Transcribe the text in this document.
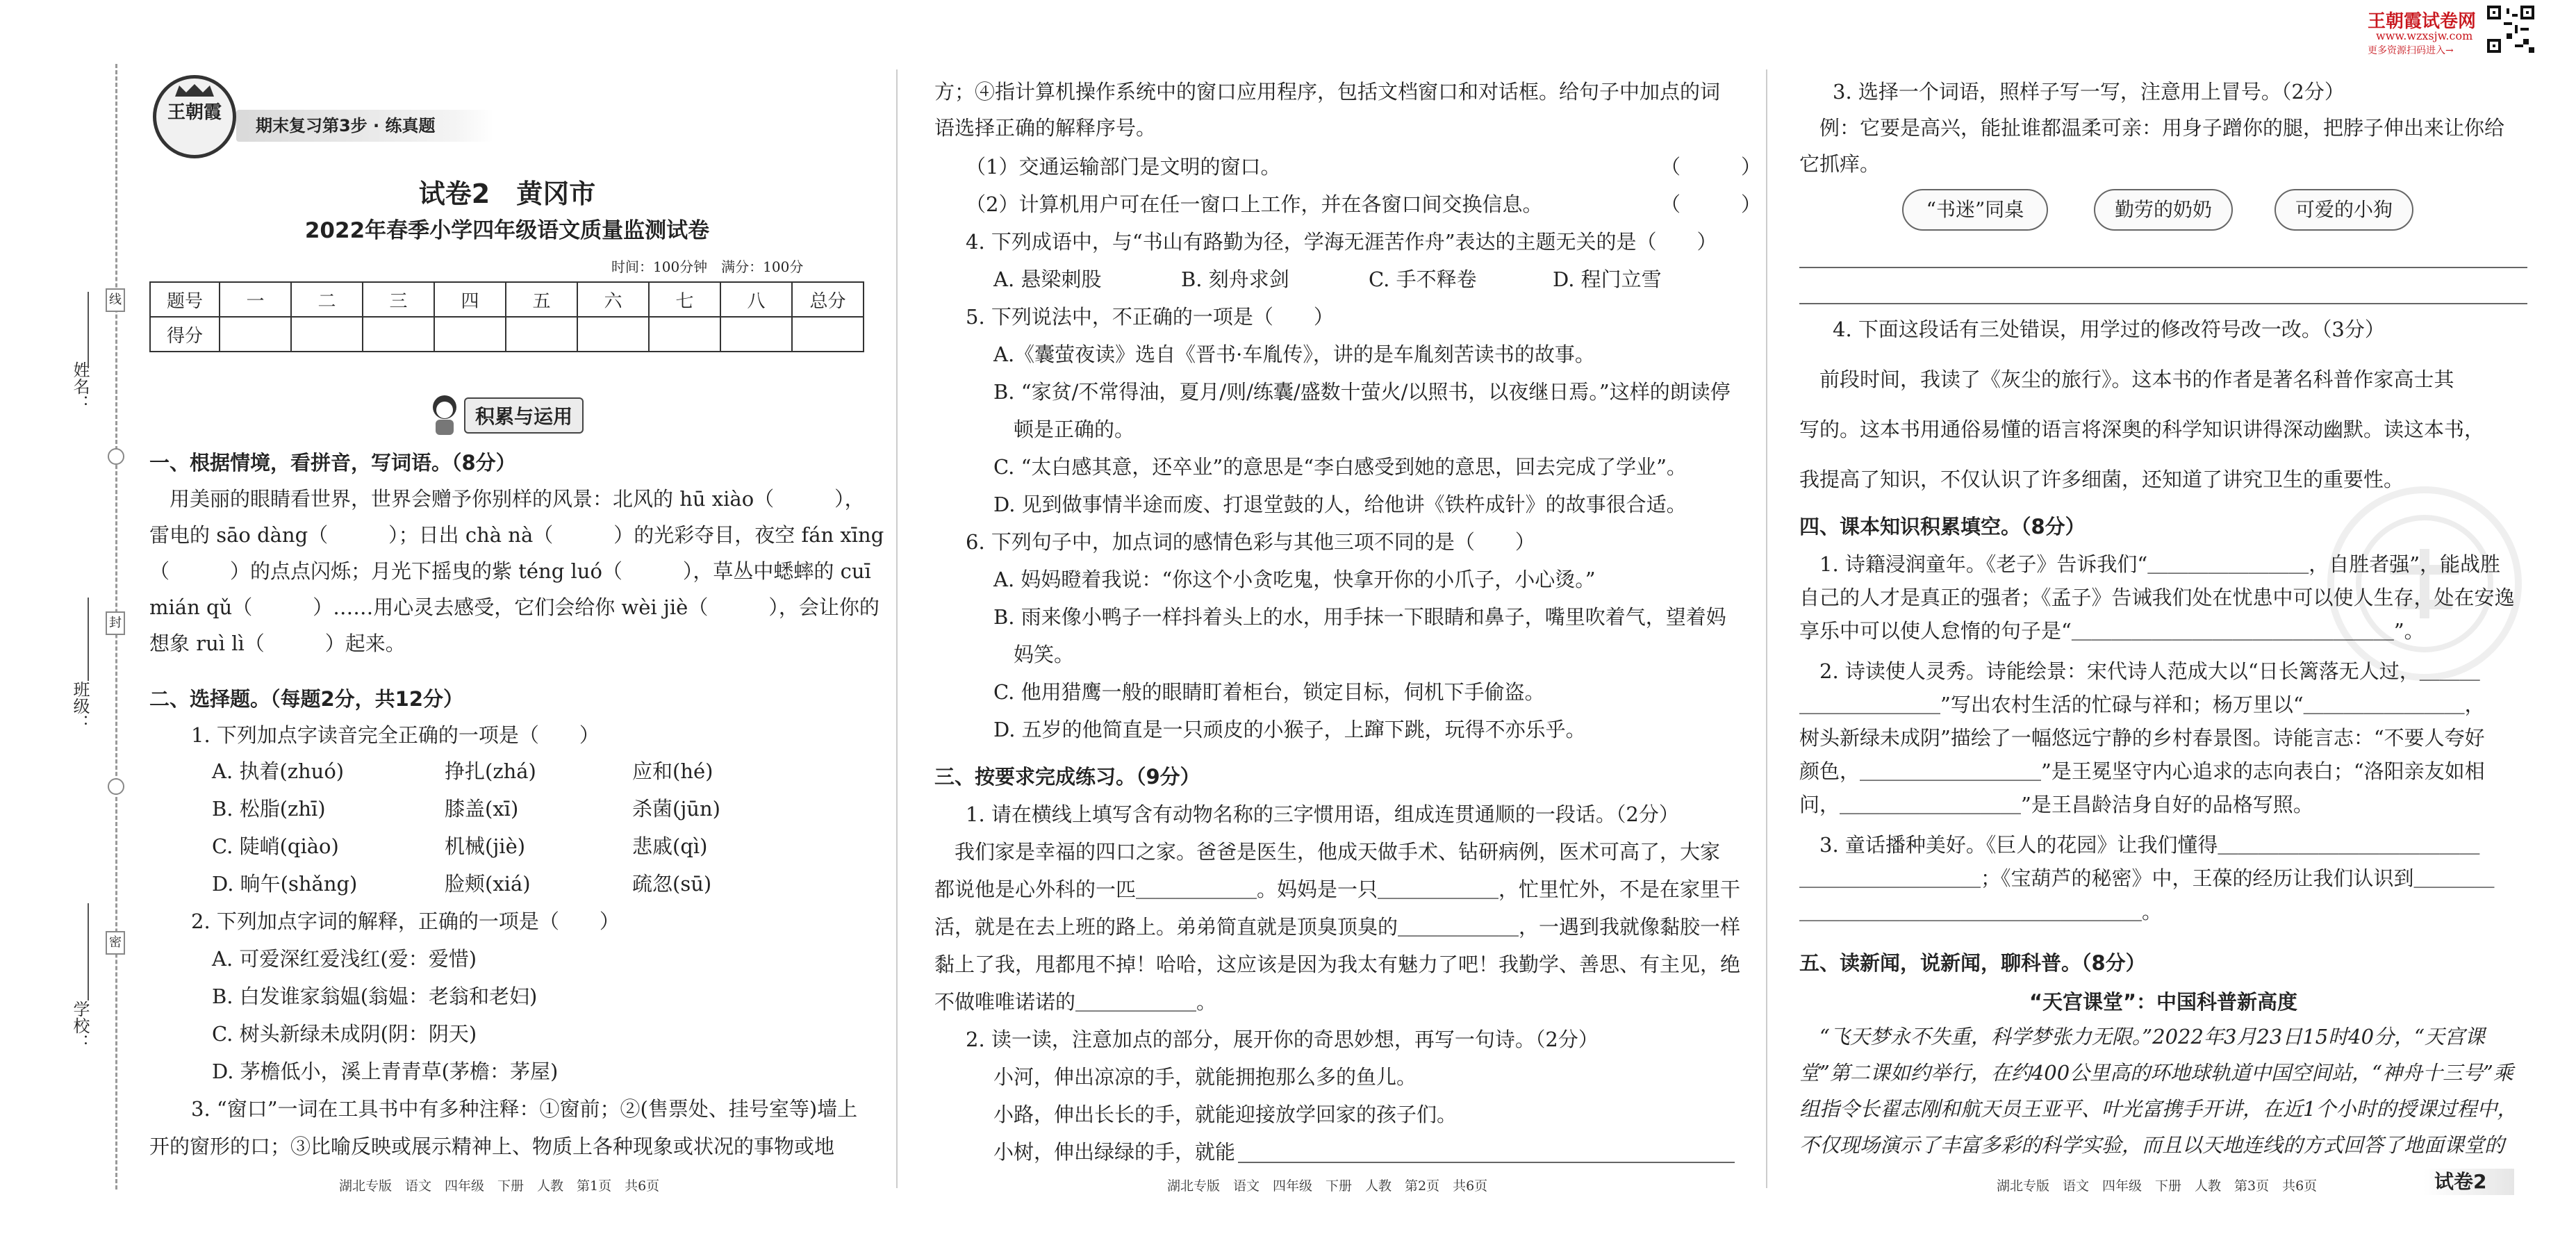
姓名：
班级：
学校：
线
封
密
王朝霞
期末复习第3步 · 练真题
试卷2　黄冈市
2022年春季小学四年级语文质量监测试卷
时间：100分钟　满分：100分
题号	一	二	三	四	五	六	七	八	总分
得分									
积累与运用
一、根据情境，看拼音，写词语。（8分）
　用美丽的眼睛看世界，世界会赠予你别样的风景：北风的 hū xiào（　　　），
雷电的 sāo dàng（　　　）；日出 chà nà（　　　）的光彩夺目，夜空 fán xīng
（　　　）的点点闪烁；月光下摇曳的紫 téng luó（　　　），草丛中蟋蟀的 cuī
mián qǔ（　　　）……用心灵去感受，它们会给你 wèi jiè（　　　），会让你的
想象 ruì lì（　　　）起来。
二、选择题。（每题2分，共12分）
1. 下列加点字读音完全正确的一项是（　　）
A. 执着(zhuó)	挣扎(zhá)	应和(hé)
B. 松脂(zhī)	膝盖(xī)	杀菌(jūn)
C. 陡峭(qiào)	机械(jiè)	悲戚(qì)
D. 晌午(shǎng)	脸颊(xiá)	疏忽(sū)
2. 下列加点字词的解释，正确的一项是（　　）
A. 可爱深红爱浅红(爱：爱惜)
B. 白发谁家翁媪(翁媪：老翁和老妇)
C. 树头新绿未成阴(阴：阴天)
D. 茅檐低小，溪上青青草(茅檐：茅屋)
3. “窗口”一词在工具书中有多种注释：①窗前；②(售票处、挂号室等)墙上
开的窗形的口；③比喻反映或展示精神上、物质上各种现象或状况的事物或地
湖北专版　语文　四年级　下册　人教　第1页　共6页
方；④指计算机操作系统中的窗口应用程序，包括文档窗口和对话框。给句子中加点的词
语选择正确的解释序号。
（1）交通运输部门是文明的窗口。	（　　　）
（2）计算机用户可在任一窗口上工作，并在各窗口间交换信息。	（　　　）
4. 下列成语中，与“书山有路勤为径，学海无涯苦作舟”表达的主题无关的是（　　）
A. 悬梁刺股	B. 刻舟求剑	C. 手不释卷	D. 程门立雪
5. 下列说法中，不正确的一项是（　　）
A.《囊萤夜读》选自《晋书·车胤传》，讲的是车胤刻苦读书的故事。
B. “家贫/不常得油，夏月/则/练囊/盛数十萤火/以照书，以夜继日焉。”这样的朗读停
　顿是正确的。
C. “太白感其意，还卒业”的意思是“李白感受到她的意思，回去完成了学业”。
D. 见到做事情半途而废、打退堂鼓的人，给他讲《铁杵成针》的故事很合适。
6. 下列句子中，加点词的感情色彩与其他三项不同的是（　　）
A. 妈妈瞪着我说：“你这个小贪吃鬼，快拿开你的小爪子，小心烫。”
B. 雨来像小鸭子一样抖着头上的水，用手抹一下眼睛和鼻子，嘴里吹着气，望着妈
　妈笑。
C. 他用猎鹰一般的眼睛盯着柜台，锁定目标，伺机下手偷盗。
D. 五岁的他简直是一只顽皮的小猴子，上蹿下跳，玩得不亦乐乎。
三、按要求完成练习。（9分）
1. 请在横线上填写含有动物名称的三字惯用语，组成连贯通顺的一段话。（2分）
　我们家是幸福的四口之家。爸爸是医生，他成天做手术、钻研病例，医术可高了，大家
都说他是心外科的一匹＿＿＿＿＿＿。妈妈是一只＿＿＿＿＿＿，忙里忙外，不是在家里干
活，就是在去上班的路上。弟弟简直就是顶臭顶臭的＿＿＿＿＿＿，一遇到我就像黏胶一样
黏上了我，甩都甩不掉！哈哈，这应该是因为我太有魅力了吧！我勤学、善思、有主见，绝
不做唯唯诺诺的＿＿＿＿＿＿。
2. 读一读，注意加点的部分，展开你的奇思妙想，再写一句诗。（2分）
小河，伸出凉凉的手，就能拥抱那么多的鱼儿。
小路，伸出长长的手，就能迎接放学回家的孩子们。
小树，伸出绿绿的手，就能
湖北专版　语文　四年级　下册　人教　第2页　共6页
王朝霞试卷网
www.wzxsjw.com
更多资源扫码进入→
3. 选择一个词语，照样子写一写，注意用上冒号。（2分）
　例：它要是高兴，能扯谁都温柔可亲：用身子蹭你的腿，把脖子伸出来让你给
它抓痒。
“书迷”同桌	勤劳的奶奶	可爱的小狗
4. 下面这段话有三处错误，用学过的修改符号改一改。（3分）
　前段时间，我读了《灰尘的旅行》。这本书的作者是著名科普作家高士其
写的。这本书用通俗易懂的语言将深奥的科学知识讲得深动幽默。读这本书，
我提高了知识，不仅认识了许多细菌，还知道了讲究卫生的重要性。
四、课本知识积累填空。（8分）
　1. 诗籍浸润童年。《老子》告诉我们“＿＿＿＿＿＿＿＿，自胜者强”，能战胜
自己的人才是真正的强者；《孟子》告诫我们处在忧患中可以使人生存，处在安逸
享乐中可以使人怠惰的句子是“＿＿＿＿＿＿＿＿＿＿＿＿＿＿＿＿”。
　2. 诗读使人灵秀。诗能绘景：宋代诗人范成大以“日长篱落无人过，＿＿＿
＿＿＿＿＿＿＿”写出农村生活的忙碌与祥和；杨万里以“＿＿＿＿＿＿＿＿，
树头新绿未成阴”描绘了一幅悠远宁静的乡村春景图。诗能言志：“不要人夸好
颜色，＿＿＿＿＿＿＿＿＿”是王冕坚守内心追求的志向表白；“洛阳亲友如相
问，＿＿＿＿＿＿＿＿＿”是王昌龄洁身自好的品格写照。
　3. 童话播种美好。《巨人的花园》让我们懂得＿＿＿＿＿＿＿＿＿＿＿＿＿
＿＿＿＿＿＿＿＿＿；《宝葫芦的秘密》中，王葆的经历让我们认识到＿＿＿＿
＿＿＿＿＿＿＿＿＿＿＿＿＿＿＿＿＿。
五、读新闻，说新闻，聊科普。（8分）
“天宫课堂”：中国科普新高度
　“飞天梦永不失重，科学梦张力无限。”2022年3月23日15时40分，“天宫课
堂”第二课如约举行，在约400公里高的环地球轨道中国空间站，“神舟十三号”乘
组指令长翟志刚和航天员王亚平、叶光富携手开讲，在近1个小时的授课过程中，
不仅现场演示了丰富多彩的科学实验，而且以天地连线的方式回答了地面课堂的
湖北专版　语文　四年级　下册　人教　第3页　共6页	试卷2
